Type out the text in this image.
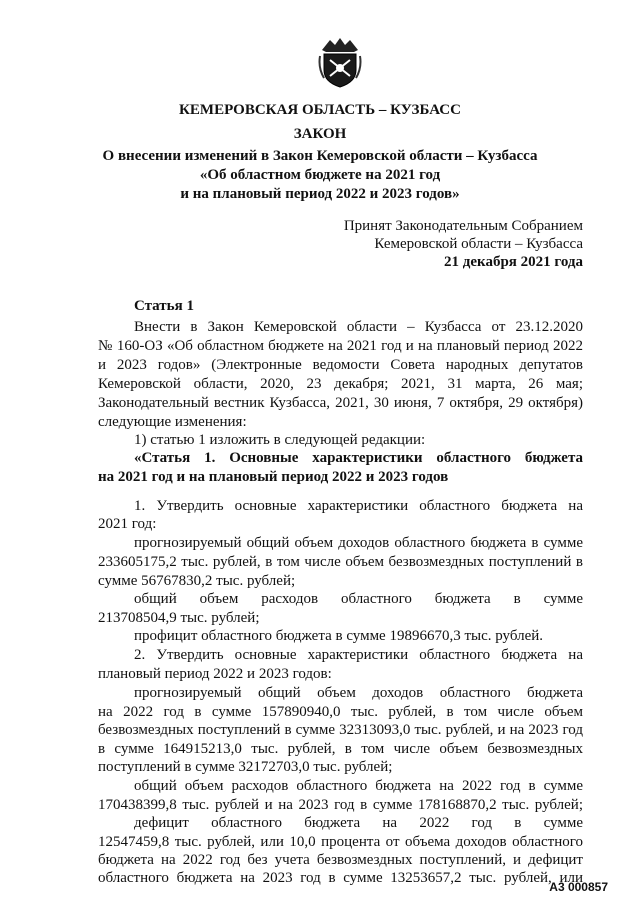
КЕМЕРОВСКАЯ ОБЛАСТЬ – КУЗБАСС
ЗАКОН
О внесении изменений в Закон Кемеровской области – Кузбасса
«Об областном бюджете на 2021 год
и на плановый период 2022 и 2023 годов»
Принят Законодательным Собранием
Кемеровской области – Кузбасса
21 декабря 2021 года
Статья 1
Внести в Закон Кемеровской области – Кузбасса от 23.12.2020
№ 160-ОЗ «Об областном бюджете на 2021 год и на плановый период 2022
и 2023 годов» (Электронные ведомости Совета народных депутатов
Кемеровской области, 2020, 23 декабря; 2021, 31 марта, 26 мая;
Законодательный вестник Кузбасса, 2021, 30 июня, 7 октября, 29 октября)
следующие изменения:
1) статью 1 изложить в следующей редакции:
«Статья 1. Основные характеристики областного бюджета
на 2021 год и на плановый период 2022 и 2023 годов
1. Утвердить основные характеристики областного бюджета на
2021 год:
прогнозируемый общий объем доходов областного бюджета в сумме
233605175,2 тыс. рублей, в том числе объем безвозмездных поступлений в
сумме 56767830,2 тыс. рублей;
общий объем расходов областного бюджета в сумме
213708504,9 тыс. рублей;
профицит областного бюджета в сумме 19896670,3 тыс. рублей.
2. Утвердить основные характеристики областного бюджета на
плановый период 2022 и 2023 годов:
прогнозируемый общий объем доходов областного бюджета
на 2022 год в сумме 157890940,0 тыс. рублей, в том числе объем
безвозмездных поступлений в сумме 32313093,0 тыс. рублей, и на 2023 год
в сумме 164915213,0 тыс. рублей, в том числе объем безвозмездных
поступлений в сумме 32172703,0 тыс. рублей;
общий объем расходов областного бюджета на 2022 год в сумме
170438399,8 тыс. рублей и на 2023 год в сумме 178168870,2 тыс. рублей;
дефицит областного бюджета на 2022 год в сумме
12547459,8 тыс. рублей, или 10,0 процента от объема доходов областного
бюджета на 2022 год без учета безвозмездных поступлений, и дефицит
областного бюджета на 2023 год в сумме 13253657,2 тыс. рублей, или
А3 000857
